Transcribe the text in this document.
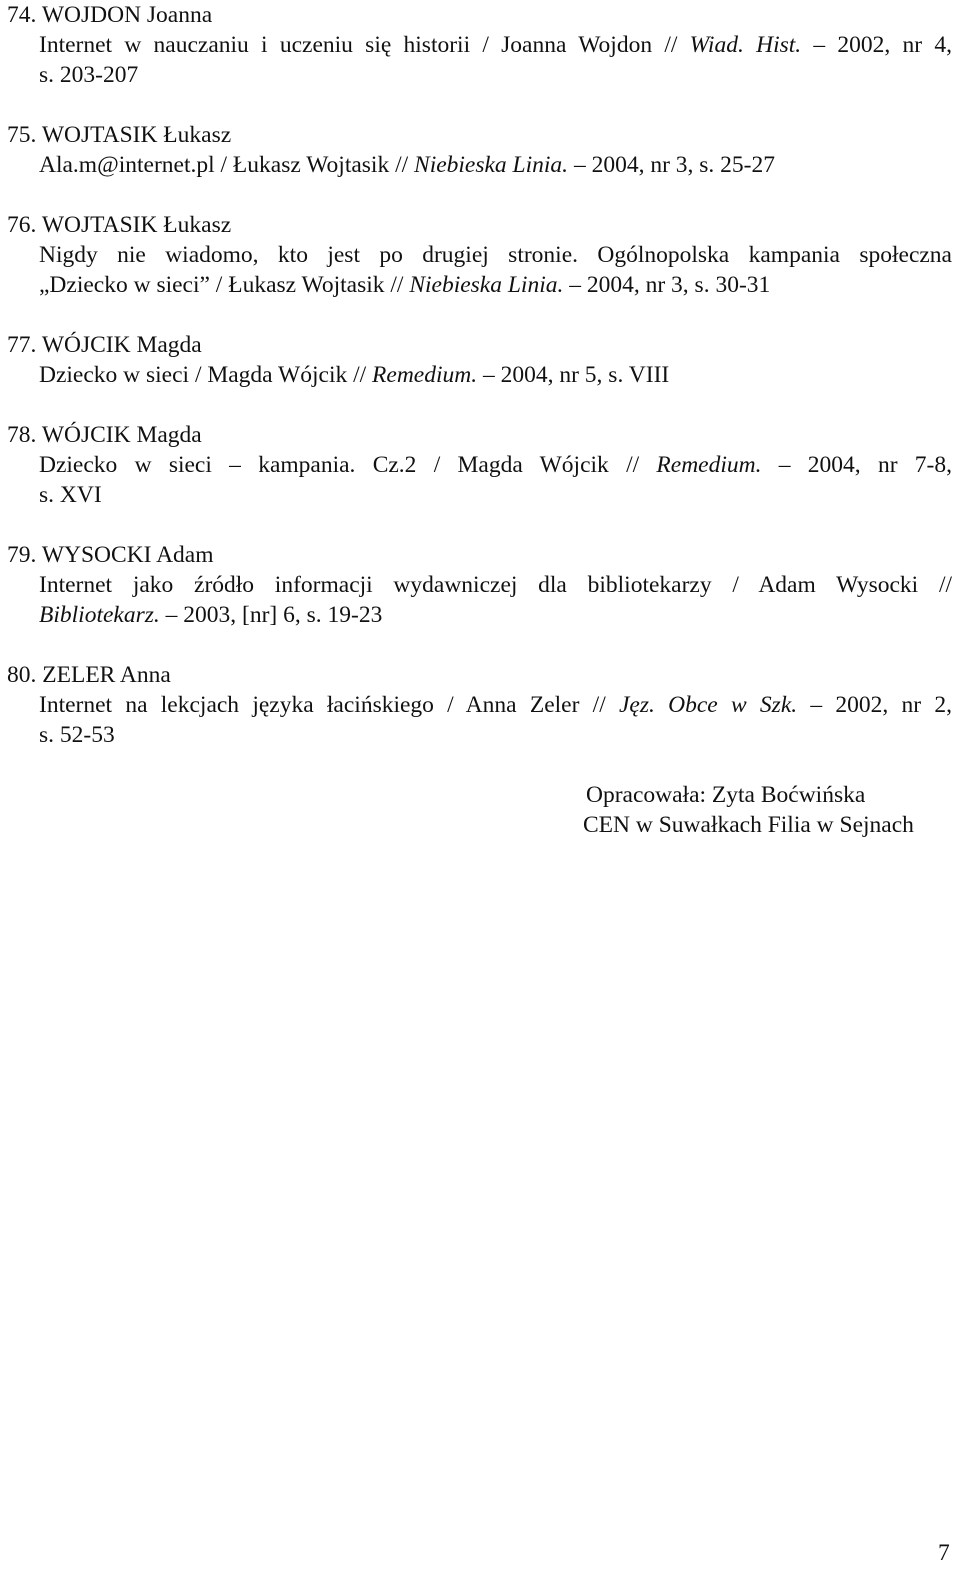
74. WOJDON Joanna
Internet w nauczaniu i uczeniu się historii / Joanna Wojdon // Wiad. Hist. – 2002, nr 4,
s. 203-207
75. WOJTASIK Łukasz
Ala.m@internet.pl / Łukasz Wojtasik // Niebieska Linia. – 2004, nr 3, s. 25-27
76. WOJTASIK Łukasz
Nigdy nie wiadomo, kto jest po drugiej stronie. Ogólnopolska kampania społeczna
„Dziecko w sieci” / Łukasz Wojtasik // Niebieska Linia. – 2004, nr 3, s. 30-31
77. WÓJCIK Magda
Dziecko w sieci / Magda Wójcik // Remedium. – 2004, nr 5, s. VIII
78. WÓJCIK Magda
Dziecko w sieci – kampania. Cz.2 / Magda Wójcik // Remedium. – 2004, nr 7-8,
s. XVI
79. WYSOCKI Adam
Internet jako źródło informacji wydawniczej dla bibliotekarzy / Adam Wysocki //
Bibliotekarz. – 2003, [nr] 6, s. 19-23
80. ZELER Anna
Internet na lekcjach języka łacińskiego / Anna Zeler // Jęz. Obce w Szk. – 2002, nr 2,
s. 52-53
Opracowała: Zyta Boćwińska
CEN w Suwałkach Filia w Sejnach
7
